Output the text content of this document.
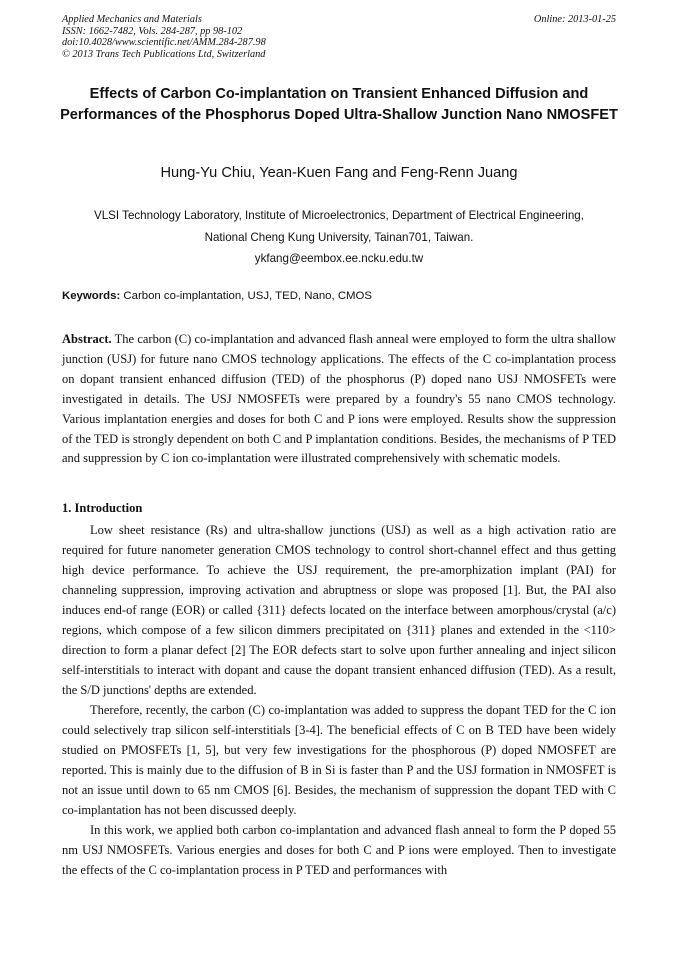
Applied Mechanics and Materials
ISSN: 1662-7482, Vols. 284-287, pp 98-102
doi:10.4028/www.scientific.net/AMM.284-287.98
© 2013 Trans Tech Publications Ltd, Switzerland
Online: 2013-01-25
Effects of Carbon Co-implantation on Transient Enhanced Diffusion and Performances of the Phosphorus Doped Ultra-Shallow Junction Nano NMOSFET
Hung-Yu Chiu, Yean-Kuen Fang and Feng-Renn Juang
VLSI Technology Laboratory, Institute of Microelectronics, Department of Electrical Engineering,
National Cheng Kung University, Tainan701, Taiwan.
ykfang@eembox.ee.ncku.edu.tw
Keywords: Carbon co-implantation, USJ, TED, Nano, CMOS
Abstract. The carbon (C) co-implantation and advanced flash anneal were employed to form the ultra shallow junction (USJ) for future nano CMOS technology applications. The effects of the C co-implantation process on dopant transient enhanced diffusion (TED) of the phosphorus (P) doped nano USJ NMOSFETs were investigated in details. The USJ NMOSFETs were prepared by a foundry's 55 nano CMOS technology. Various implantation energies and doses for both C and P ions were employed. Results show the suppression of the TED is strongly dependent on both C and P implantation conditions. Besides, the mechanisms of P TED and suppression by C ion co-implantation were illustrated comprehensively with schematic models.
1. Introduction

Low sheet resistance (Rs) and ultra-shallow junctions (USJ) as well as a high activation ratio are required for future nanometer generation CMOS technology to control short-channel effect and thus getting high device performance. To achieve the USJ requirement, the pre-amorphization implant (PAI) for channeling suppression, improving activation and abruptness or slope was proposed [1]. But, the PAI also induces end-of range (EOR) or called {311} defects located on the interface between amorphous/crystal (a/c) regions, which compose of a few silicon dimmers precipitated on {311} planes and extended in the <110> direction to form a planar defect [2] The EOR defects start to solve upon further annealing and inject silicon self-interstitials to interact with dopant and cause the dopant transient enhanced diffusion (TED). As a result, the S/D junctions' depths are extended.

Therefore, recently, the carbon (C) co-implantation was added to suppress the dopant TED for the C ion could selectively trap silicon self-interstitials [3-4]. The beneficial effects of C on B TED have been widely studied on PMOSFETs [1, 5], but very few investigations for the phosphorous (P) doped NMOSFET are reported. This is mainly due to the diffusion of B in Si is faster than P and the USJ formation in NMOSFET is not an issue until down to 65 nm CMOS [6]. Besides, the mechanism of suppression the dopant TED with C co-implantation has not been discussed deeply.

In this work, we applied both carbon co-implantation and advanced flash anneal to form the P doped 55 nm USJ NMOSFETs. Various energies and doses for both C and P ions were employed. Then to investigate the effects of the C co-implantation process in P TED and performances with
